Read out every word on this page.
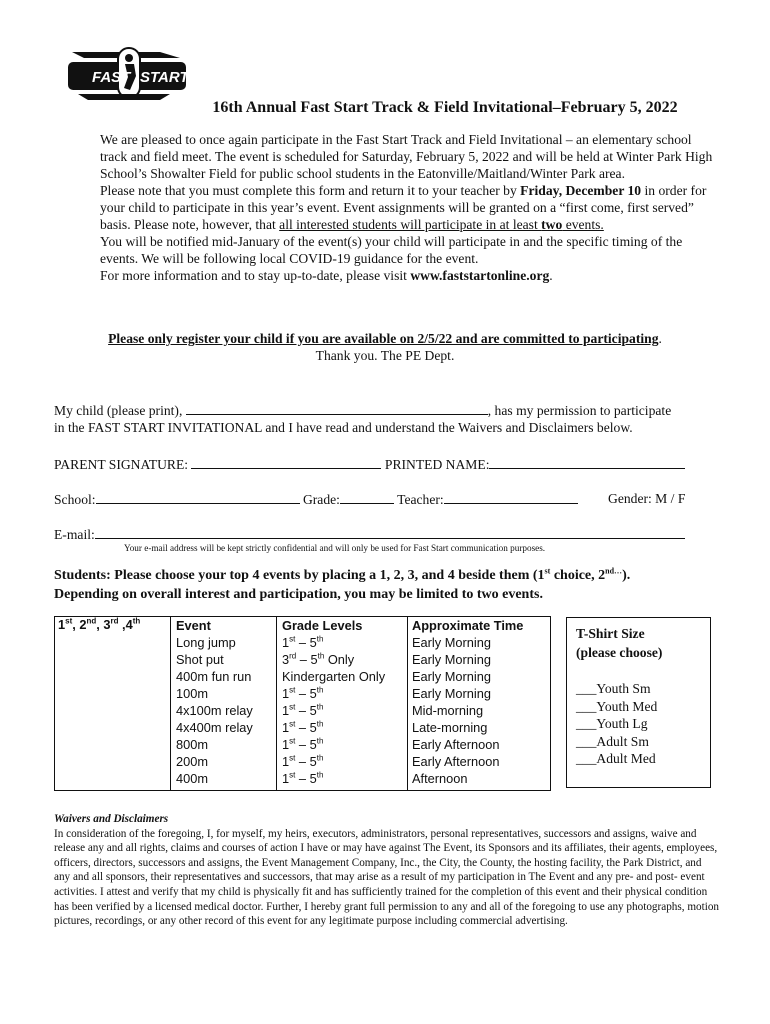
FAST START
16th Annual Fast Start Track & Field Invitational–February 5, 2022
We are pleased to once again participate in the Fast Start Track and Field Invitational – an elementary school track and field meet. The event is scheduled for Saturday, February 5, 2022 and will be held at Winter Park High School’s Showalter Field for public school students in the Eatonville/Maitland/Winter Park area.
Please note that you must complete this form and return it to your teacher by Friday, December 10 in order for your child to participate in this year’s event. Event assignments will be granted on a “first come, first served” basis. Please note, however, that all interested students will participate in at least two events.
You will be notified mid-January of the event(s) your child will participate in and the specific timing of the events. We will be following local COVID-19 guidance for the event.
For more information and to stay up-to-date, please visit www.faststartonline.org.
Please only register your child if you are available on 2/5/22 and are committed to participating.
Thank you. The PE Dept.
My child (please print),	, has my permission to participate
in the FAST START INVITATIONAL and I have read and understand the Waivers and Disclaimers below.
PARENT SIGNATURE:	PRINTED NAME:
School:	Grade:	Teacher:	Gender: M / F
E-mail:
Your e-mail address will be kept strictly confidential and will only be used for Fast Start communication purposes.
Students: Please choose your top 4 events by placing a 1, 2, 3, and 4 beside them (1st choice, $2^{nd\dots}$).
Depending on overall interest and participation, you may be limited to two events.
1st, 2nd, 3rd ,4th	Event	Grade Levels	Approximate Time
Long jump	1st – 5th	Early Morning
Shot put	3rd – 5th Only	Early Morning
400m fun run	Kindergarten Only	Early Morning
100m	1st – 5th	Early Morning
4x100m relay	1st – 5th	Mid-morning
4x400m relay	1st – 5th	Late-morning
800m	1st – 5th	Early Afternoon
200m	1st – 5th	Early Afternoon
400m	1st – 5th	Afternoon
T-Shirt Size
(please choose)
___Youth Sm
___Youth Med
___Youth Lg
___Adult Sm
___Adult Med
Waivers and Disclaimers
In consideration of the foregoing, I, for myself, my heirs, executors, administrators, personal representatives, successors and assigns, waive and release any and all rights, claims and courses of action I have or may have against The Event, its Sponsors and its affiliates, their agents, employees, officers, directors, successors and assigns, the Event Management Company, Inc., the City, the County, the hosting facility, the Park District, and any and all sponsors, their representatives and successors, that may arise as a result of my participation in The Event and any pre- and post- event activities. I attest and verify that my child is physically fit and has sufficiently trained for the completion of this event and their physical condition has been verified by a licensed medical doctor. Further, I hereby grant full permission to any and all of the foregoing to use any photographs, motion pictures, recordings, or any other record of this event for any legitimate purpose including commercial advertising.
